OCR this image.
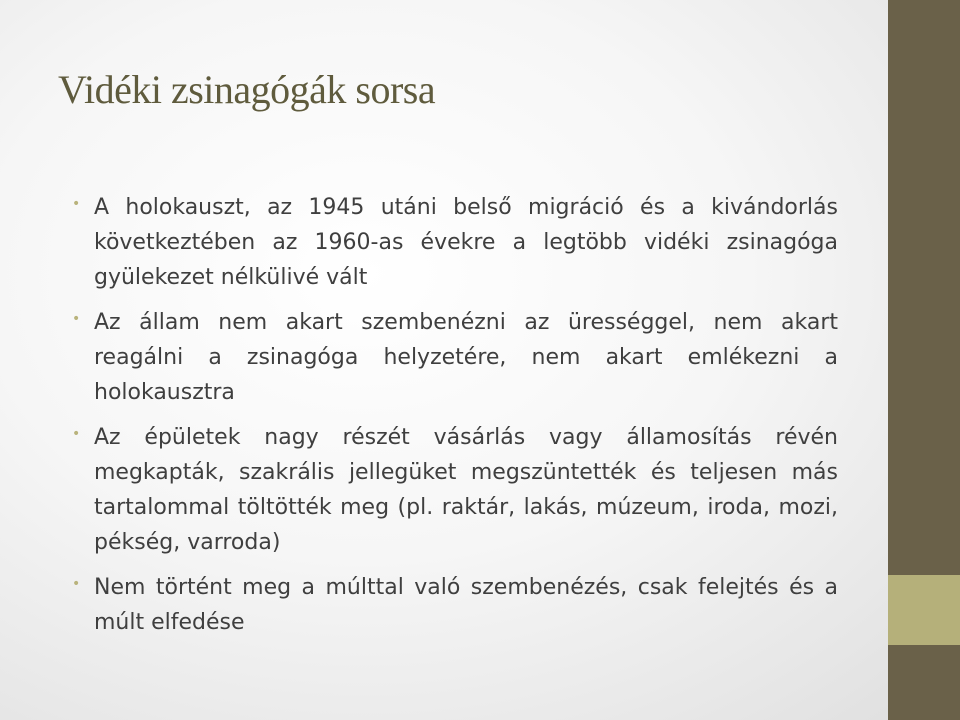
Vidéki zsinagógák sorsa
• A holokauszt, az 1945 utáni belső migráció és a kivándorlás következtében az 1960-as évekre a legtöbb vidéki zsinagóga gyülekezet nélkülivé vált
• Az állam nem akart szembenézni az ürességgel, nem akart reagálni a zsinagóga helyzetére, nem akart emlékezni a holokausztra
• Az épületek nagy részét vásárlás vagy államosítás révén megkapták, szakrális jellegüket megszüntették és teljesen más tartalommal töltötték meg (pl. raktár, lakás, múzeum, iroda, mozi, pékség, varroda)
• Nem történt meg a múlttal való szembenézés, csak felejtés és a múlt elfedése
